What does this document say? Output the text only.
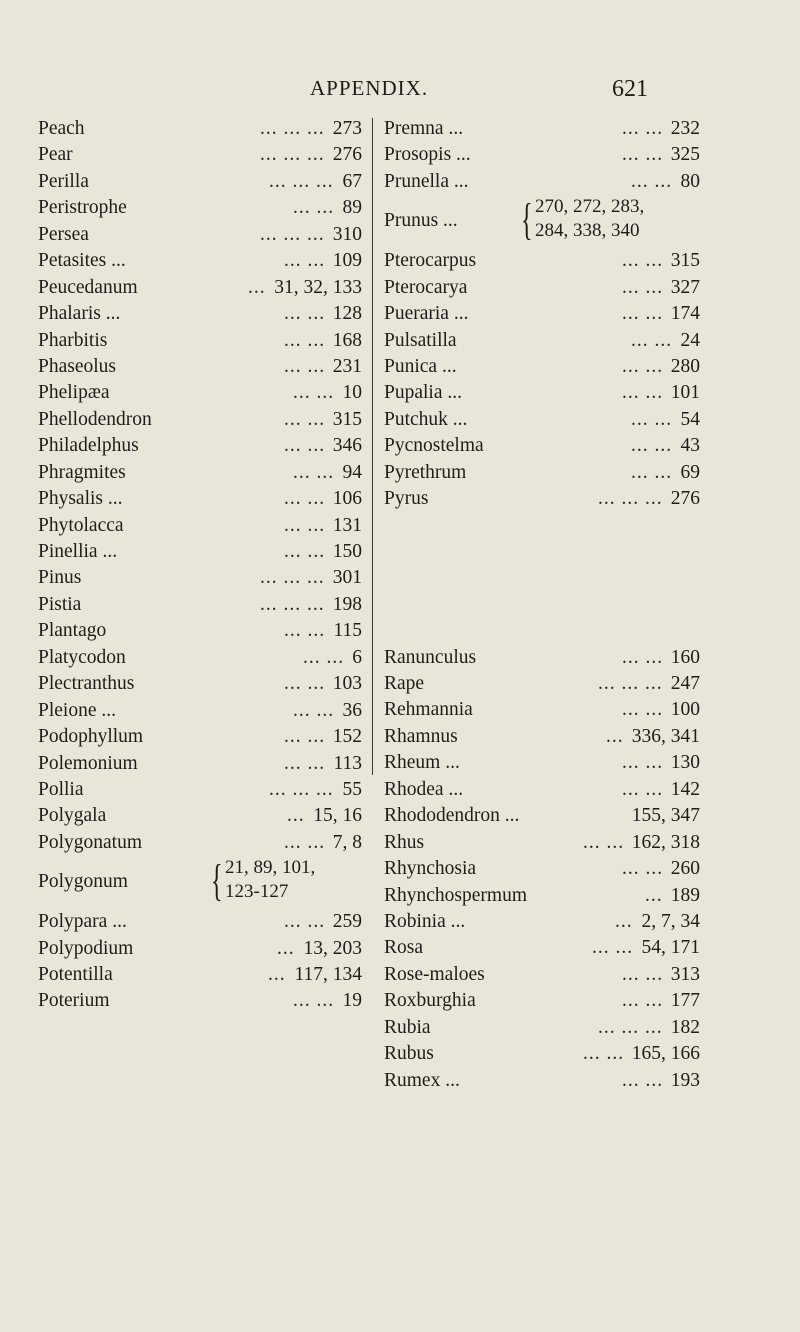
APPENDIX.	621
Peach	... ... ... 273
Pear	... ... ... 276
Perilla	... ... ... 67
Peristrophe	... ... 89
Persea	... ... ... 310
Petasites ...	... ... 109
Peucedanum	... 31, 32, 133
Phalaris ...	... ... 128
Pharbitis	... ... 168
Phaseolus	... ... 231
Phelipæa	... ... 10
Phellodendron	... ... 315
Philadelphus	... ... 346
Phragmites	... ... 94
Physalis ...	... ... 106
Phytolacca	... ... 131
Pinellia ...	... ... 150
Pinus	... ... ... 301
Pistia	... ... ... 198
Plantago	... ... 115
Platycodon	... ... 6
Plectranthus	... ... 103
Pleione ...	... ... 36
Podophyllum	... ... 152
Polemonium	... ... 113
Pollia	... ... ... 55
Polygala	... 15, 16
Polygonatum	... ... 7, 8
Polygonum { 21, 89, 101,
123-127
Polypara ...	... ... 259
Polypodium	... 13, 203
Potentilla	... 117, 134
Poterium	... ... 19
Premna ...	... ... 232
Prosopis ...	... ... 325
Prunella ...	... ... 80
Prunus ... { 270, 272, 283,
284, 338, 340
Pterocarpus	... ... 315
Pterocarya	... ... 327
Pueraria ...	... ... 174
Pulsatilla	... ... 24
Punica ...	... ... 280
Pupalia ...	... ... 101
Putchuk ...	... ... 54
Pycnostelma	... ... 43
Pyrethrum	... ... 69
Pyrus	... ... ... 276
Ranunculus	... ... 160
Rape	... ... ... 247
Rehmannia	... ... 100
Rhamnus	... 336, 341
Rheum ...	... ... 130
Rhodea ...	... ... 142
Rhododendron ...	155, 347
Rhus	... ... 162, 318
Rhynchosia	... ... 260
Rhynchospermum	... 189
Robinia ...	... 2, 7, 34
Rosa	... ... 54, 171
Rose-maloes	... ... 313
Roxburghia	... ... 177
Rubia	... ... ... 182
Rubus	... ... 165, 166
Rumex ...	... ... 193
